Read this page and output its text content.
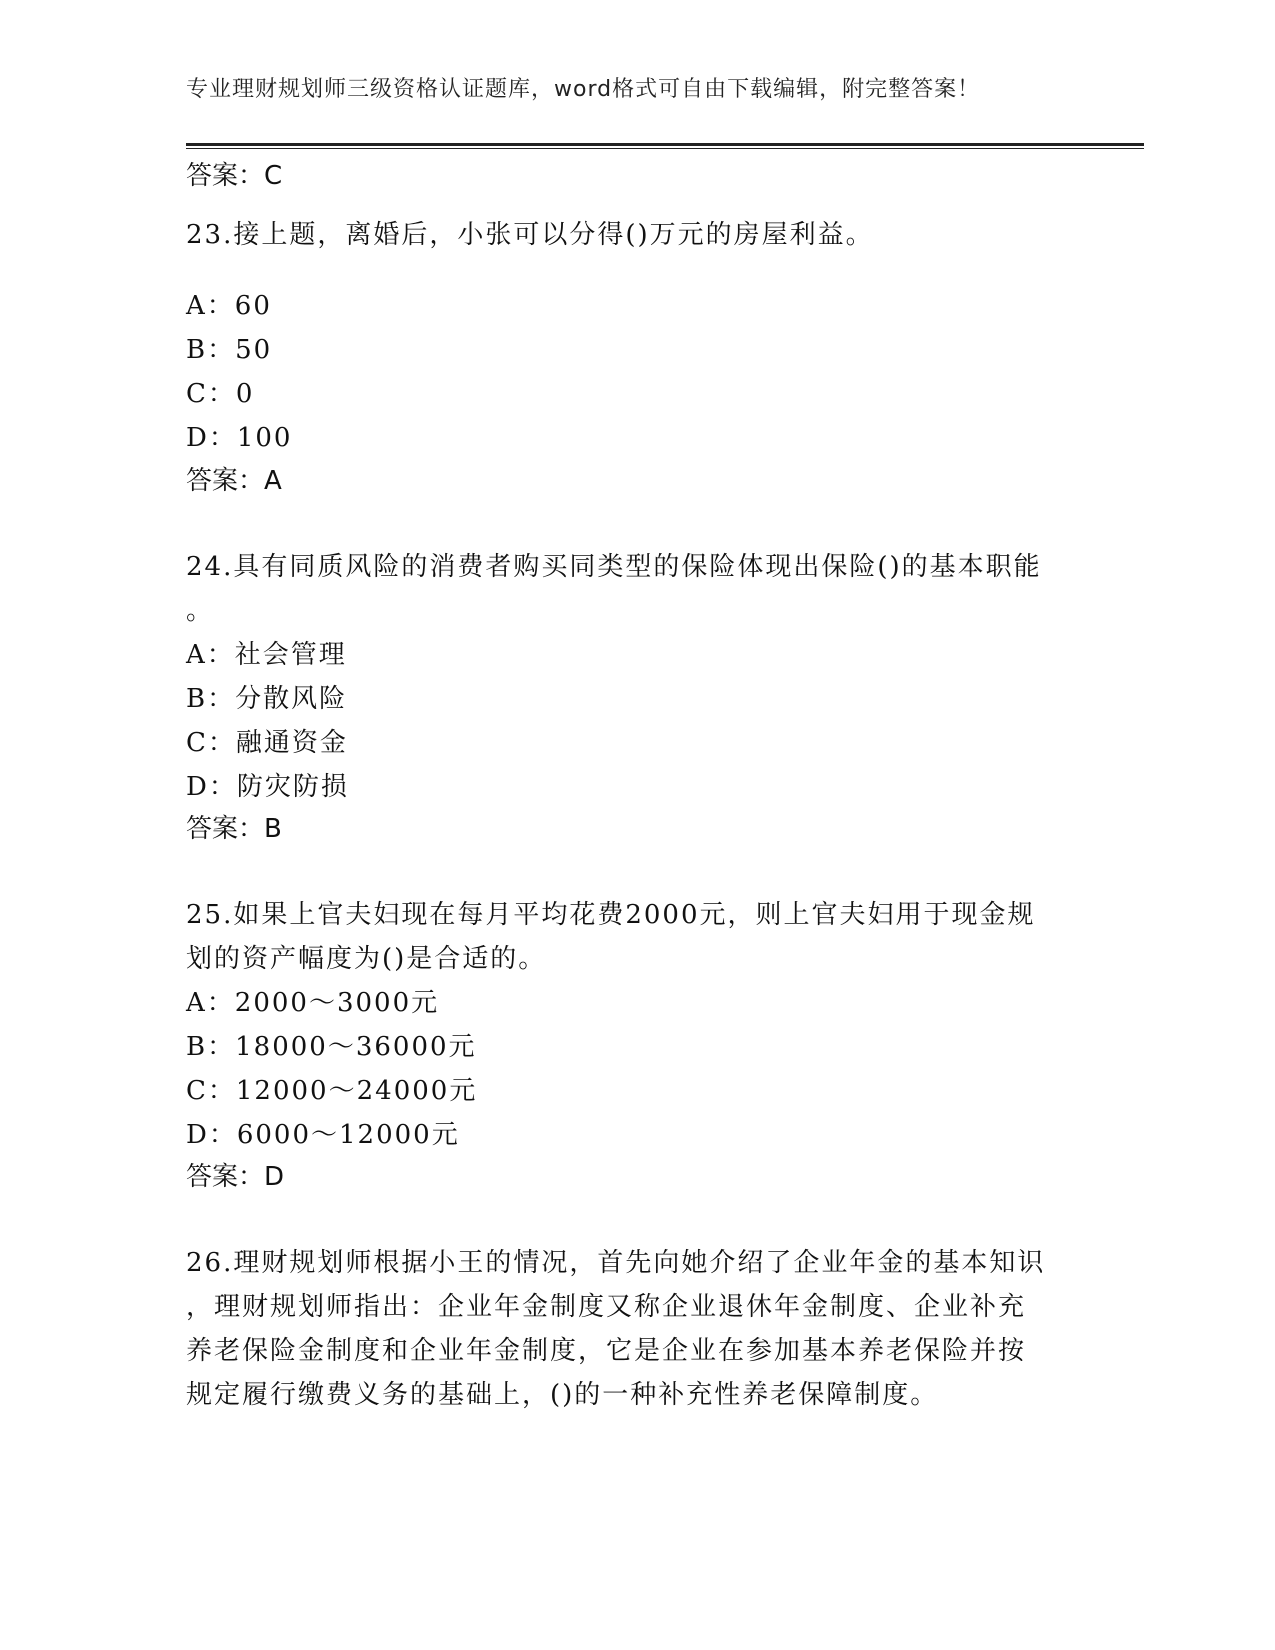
专业理财规划师三级资格认证题库，word格式可自由下载编辑，附完整答案！
答案：C
23.接上题，离婚后，小张可以分得()万元的房屋利益。
A：60
B：50
C：0
D：100
答案：A
24.具有同质风险的消费者购买同类型的保险体现出保险()的基本职能
。
A：社会管理
B：分散风险
C：融通资金
D：防灾防损
答案：B
25.如果上官夫妇现在每月平均花费2000元，则上官夫妇用于现金规
划的资产幅度为()是合适的。
A：2000～3000元
B：18000～36000元
C：12000～24000元
D：6000～12000元
答案：D
26.理财规划师根据小王的情况，首先向她介绍了企业年金的基本知识
，理财规划师指出：企业年金制度又称企业退休年金制度、企业补充
养老保险金制度和企业年金制度，它是企业在参加基本养老保险并按
规定履行缴费义务的基础上，()的一种补充性养老保障制度。
